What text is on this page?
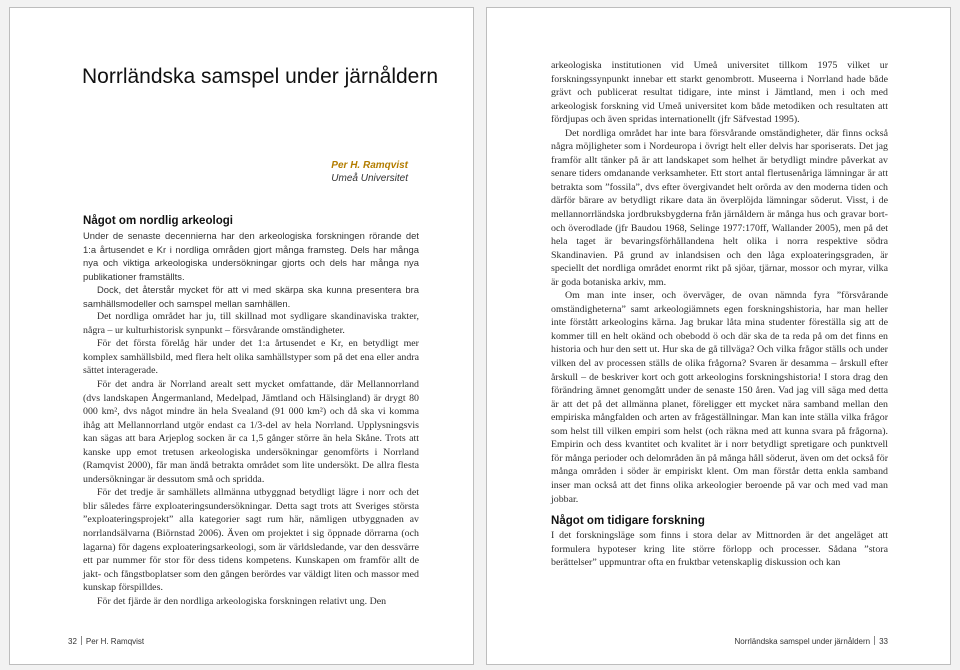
Norrländska samspel under järnåldern
Per H. Ramqvist
Umeå Universitet
Något om nordlig arkeologi

Under de senaste decennierna har den arkeologiska forskningen rörande det 1:a årtusendet e Kr i nordliga områden gjort många framsteg. Dels har många nya och viktiga arkeologiska undersökningar gjorts och dels har många nya publikationer framställts.

Dock, det återstår mycket för att vi med skärpa ska kunna presentera bra samhällsmodeller och samspel mellan samhällen.

Det nordliga området har ju, till skillnad mot sydligare skandinaviska trakter, några – ur kulturhistorisk synpunkt – försvårande omständigheter.

För det första förelåg här under det 1:a årtusendet e Kr, en betydligt mer komplex samhällsbild, med flera helt olika samhällstyper som på det ena eller andra sättet interagerade.

För det andra är Norrland arealt sett mycket omfattande, där Mellannorrland (dvs landskapen Ångermanland, Medelpad, Jämtland och Hälsingland) är drygt 80 000 km², dvs något mindre än hela Svealand (91 000 km²) och då ska vi komma ihåg att Mellannorrland utgör endast ca 1/3-del av hela Norrland. Upplysningsvis kan sägas att bara Arjeplog socken är ca 1,5 gånger större än hela Skåne. Trots att kanske upp emot tretusen arkeologiska undersökningar genomförts i Norrland (Ramqvist 2000), får man ändå betrakta området som lite undersökt. De allra flesta undersökningar är dessutom små och spridda.

För det tredje är samhällets allmänna utbyggnad betydligt lägre i norr och det blir således färre exploateringsundersökningar. Detta sagt trots att Sveriges största ”exploateringsprojekt” alla kategorier sagt rum här, nämligen utbyggnaden av norrlandsälvarna (Biörnstad 2006). Även om projektet i sig öppnade dörrarna (och lagarna) för dagens exploateringsarkeologi, som är världsledande, var den dessvärre ett par nummer för stor för dess tidens kompetens. Kunskapen om framför allt de jakt- och fångstboplatser som den gången berördes var väldigt liten och massor med kunskap förspilldes.

För det fjärde är den nordliga arkeologiska forskningen relativt ung. Den

32 Per H. Ramqvist

arkeologiska institutionen vid Umeå universitet tillkom 1975 vilket ur forskningssynpunkt innebar ett starkt genombrott. Museerna i Norrland hade både grävt och publicerat resultat tidigare, inte minst i Jämtland, men i och med arkeologisk forskning vid Umeå universitet kom både metodiken och resultaten att fördjupas och även spridas internationellt (jfr Säfvestad 1995).

Det nordliga området har inte bara försvårande omständigheter, där finns också några möjligheter som i Nordeuropa i övrigt helt eller delvis har sporiserats. Det jag framför allt tänker på är att landskapet som helhet är betydligt mindre påverkat av senare tiders omdanande verksamheter. Ett stort antal flertusenåriga lämningar är att betrakta som ”fossila”, dvs efter övergivandet helt orörda av den moderna tiden och därför bärare av betydligt rikare data än överplöjda lämningar söderut. Visst, i de mellannorrländska jordbruksbygderna från järnåldern är många hus och gravar bort- och överodlade (jfr Baudou 1968, Selinge 1977:170ff, Wallander 2005), men på det hela taget är bevaringsförhållandena helt olika i norra respektive södra Skandinavien. På grund av inlandsisen och den låga exploateringsgraden, är speciellt det nordliga området enormt rikt på sjöar, tjärnar, mossor och myrar, vilka är goda botaniska arkiv, mm.

Om man inte inser, och överväger, de ovan nämnda fyra ”försvårande omständigheterna” samt arkeologiämnets egen forskningshistoria, har man heller inte förstått arkeologins kärna. Jag brukar låta mina studenter föreställa sig att de kommer till en helt okänd och obebodd ö och där ska de ta reda på om det finns en historia och hur den sett ut. Hur ska de gå tillväga? Och vilka frågor ställs och under vilken del av processen ställs de olika frågorna? Svaren är desamma – årskull efter årskull – de beskriver kort och gott arkeologins forskningshistoria! I stora drag den förändring ämnet genomgått under de senaste 150 åren. Vad jag vill säga med detta är att det på det allmänna planet, föreligger ett mycket nära samband mellan den empiriska mångfalden och arten av frågeställningar. Man kan inte ställa vilka frågor som helst till vilken empiri som helst (och räkna med att kunna svara på frågorna). Empirin och dess kvantitet och kvalitet är i norr betydligt spretigare och punktvell för många perioder och delområden än på många håll söderut, även om det också för många områden i söder är empiriskt klent. Om man förstår detta enkla samband inser man också att det finns olika arkeologier beroende på var och med vad man jobbar.

Något om tidigare forskning

I det forskningsläge som finns i stora delar av Mittnorden är det angeläget att formulera hypoteser kring lite större förlopp och processer. Sådana ”stora berättelser” uppmuntrar ofta en fruktbar vetenskaplig diskussion och kan

Norrländska samspel under järnåldern 33
